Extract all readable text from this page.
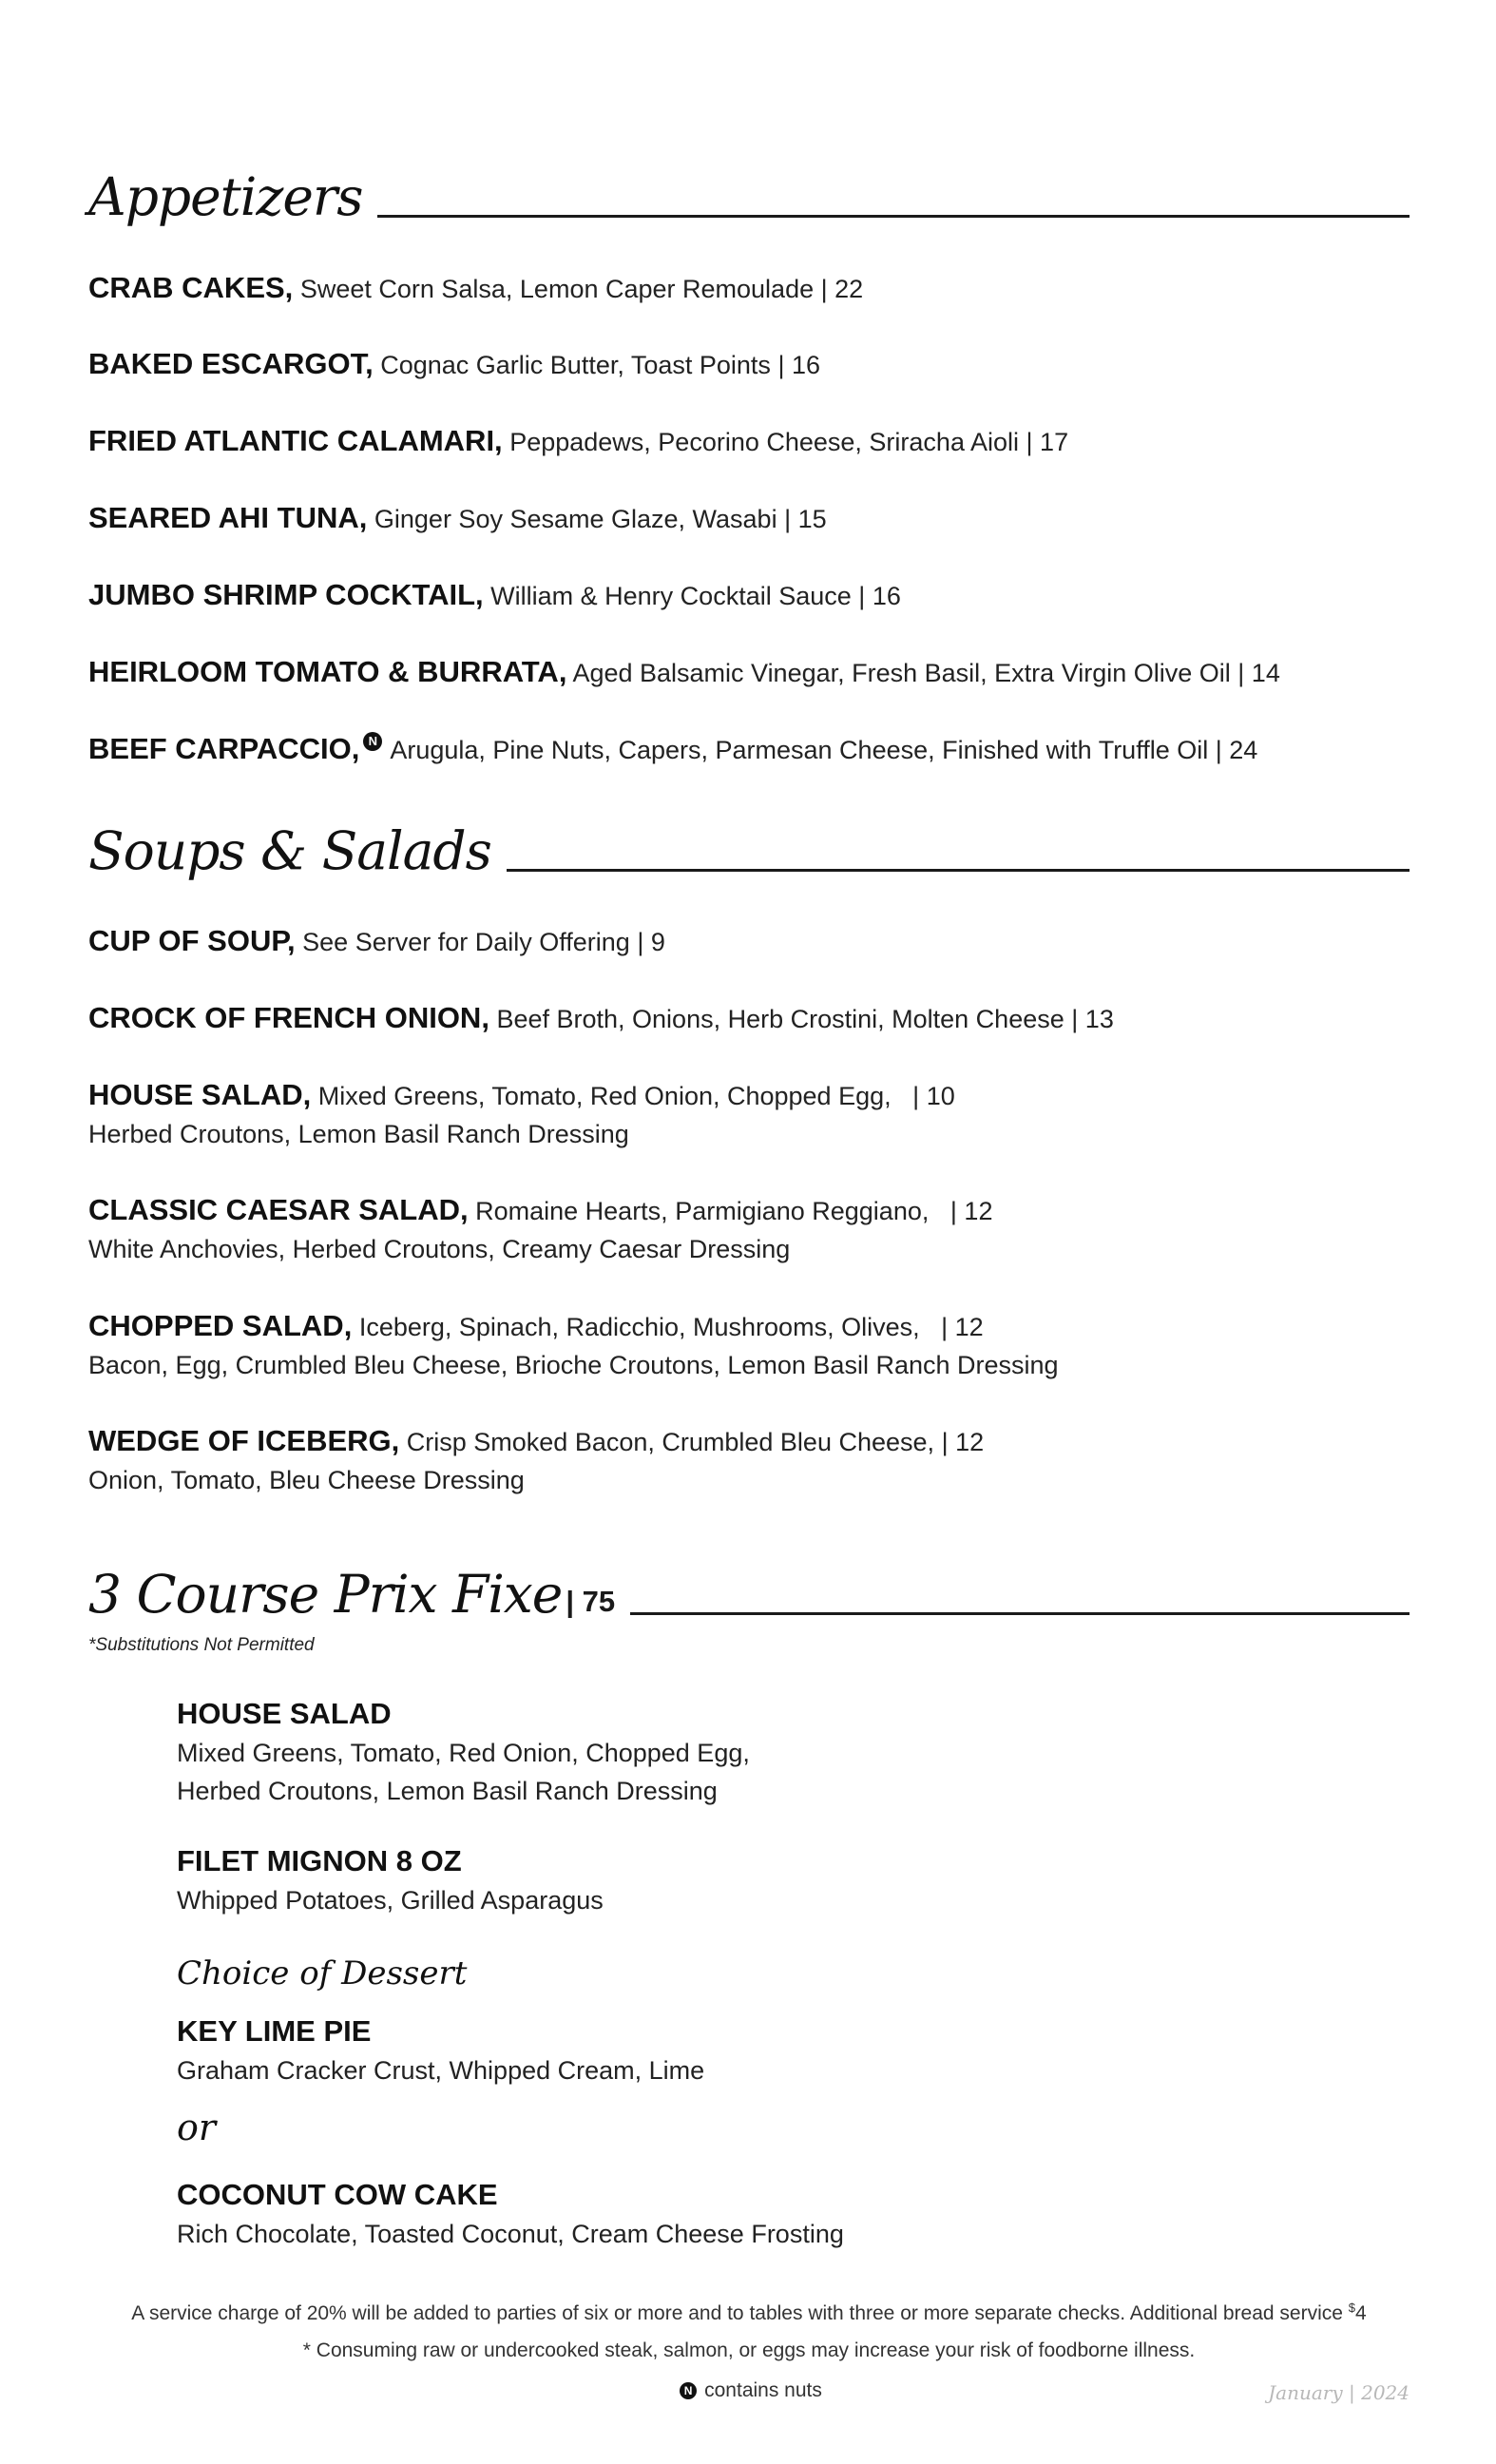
Appetizers
CRAB CAKES, Sweet Corn Salsa, Lemon Caper Remoulade | 22
BAKED ESCARGOT, Cognac Garlic Butter, Toast Points | 16
FRIED ATLANTIC CALAMARI, Peppadews, Pecorino Cheese, Sriracha Aioli | 17
SEARED AHI TUNA, Ginger Soy Sesame Glaze, Wasabi | 15
JUMBO SHRIMP COCKTAIL, William & Henry Cocktail Sauce | 16
HEIRLOOM TOMATO & BURRATA, Aged Balsamic Vinegar, Fresh Basil, Extra Virgin Olive Oil | 14
BEEF CARPACCIO, N Arugula, Pine Nuts, Capers, Parmesan Cheese, Finished with Truffle Oil | 24
Soups & Salads
CUP OF SOUP, See Server for Daily Offering | 9
CROCK OF FRENCH ONION, Beef Broth, Onions, Herb Crostini, Molten Cheese | 13
HOUSE SALAD, Mixed Greens, Tomato, Red Onion, Chopped Egg,   | 10
Herbed Croutons, Lemon Basil Ranch Dressing
CLASSIC CAESAR SALAD, Romaine Hearts, Parmigiano Reggiano,   | 12
White Anchovies, Herbed Croutons, Creamy Caesar Dressing
CHOPPED SALAD, Iceberg, Spinach, Radicchio, Mushrooms, Olives,   | 12
Bacon, Egg, Crumbled Bleu Cheese, Brioche Croutons, Lemon Basil Ranch Dressing
WEDGE OF ICEBERG, Crisp Smoked Bacon, Crumbled Bleu Cheese, | 12
Onion, Tomato, Bleu Cheese Dressing
3 Course Prix Fixe | 75
*Substitutions Not Permitted
HOUSE SALAD
Mixed Greens, Tomato, Red Onion, Chopped Egg,
Herbed Croutons, Lemon Basil Ranch Dressing
FILET MIGNON 8 OZ
Whipped Potatoes, Grilled Asparagus
Choice of Dessert
KEY LIME PIE
Graham Cracker Crust, Whipped Cream, Lime
or
COCONUT COW CAKE
Rich Chocolate, Toasted Coconut, Cream Cheese Frosting
A service charge of 20% will be added to parties of six or more and to tables with three or more separate checks. Additional bread service $4
* Consuming raw or undercooked steak, salmon, or eggs may increase your risk of foodborne illness.
N contains nuts	January | 2024
